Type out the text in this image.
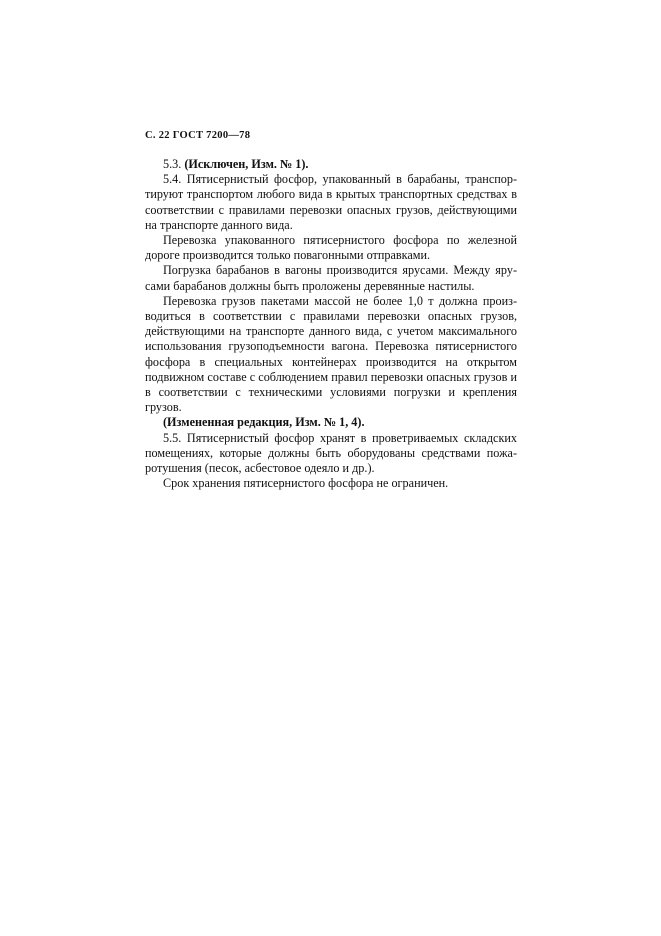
С. 22 ГОСТ 7200—78

5.3. (Исключен, Изм. № 1).

5.4. Пятисернистый фосфор, упакованный в барабаны, транспортируют транспортом любого вида в крытых транспортных средствах в соответствии с правилами перевозки опасных грузов, действующими на транспорте данного вида.

Перевозка упакованного пятисернистого фосфора по железной дороге производится только повагонными отправками.

Погрузка барабанов в вагоны производится ярусами. Между ярусами барабанов должны быть проложены деревянные настилы.

Перевозка грузов пакетами массой не более 1,0 т должна производиться в соответствии с правилами перевозки опасных грузов, действующими на транспорте данного вида, с учетом максимального использования грузоподъемности вагона. Перевозка пятисернистого фосфора в специальных контейнерах производится на открытом подвижном составе с соблюдением правил перевозки опасных грузов и в соответствии с техническими условиями погрузки и крепления грузов.

(Измененная редакция, Изм. № 1, 4).

5.5. Пятисернистый фосфор хранят в проветриваемых складских помещениях, которые должны быть оборудованы средствами пожаротушения (песок, асбестовое одеяло и др.).

Срок хранения пятисернистого фосфора не ограничен.
